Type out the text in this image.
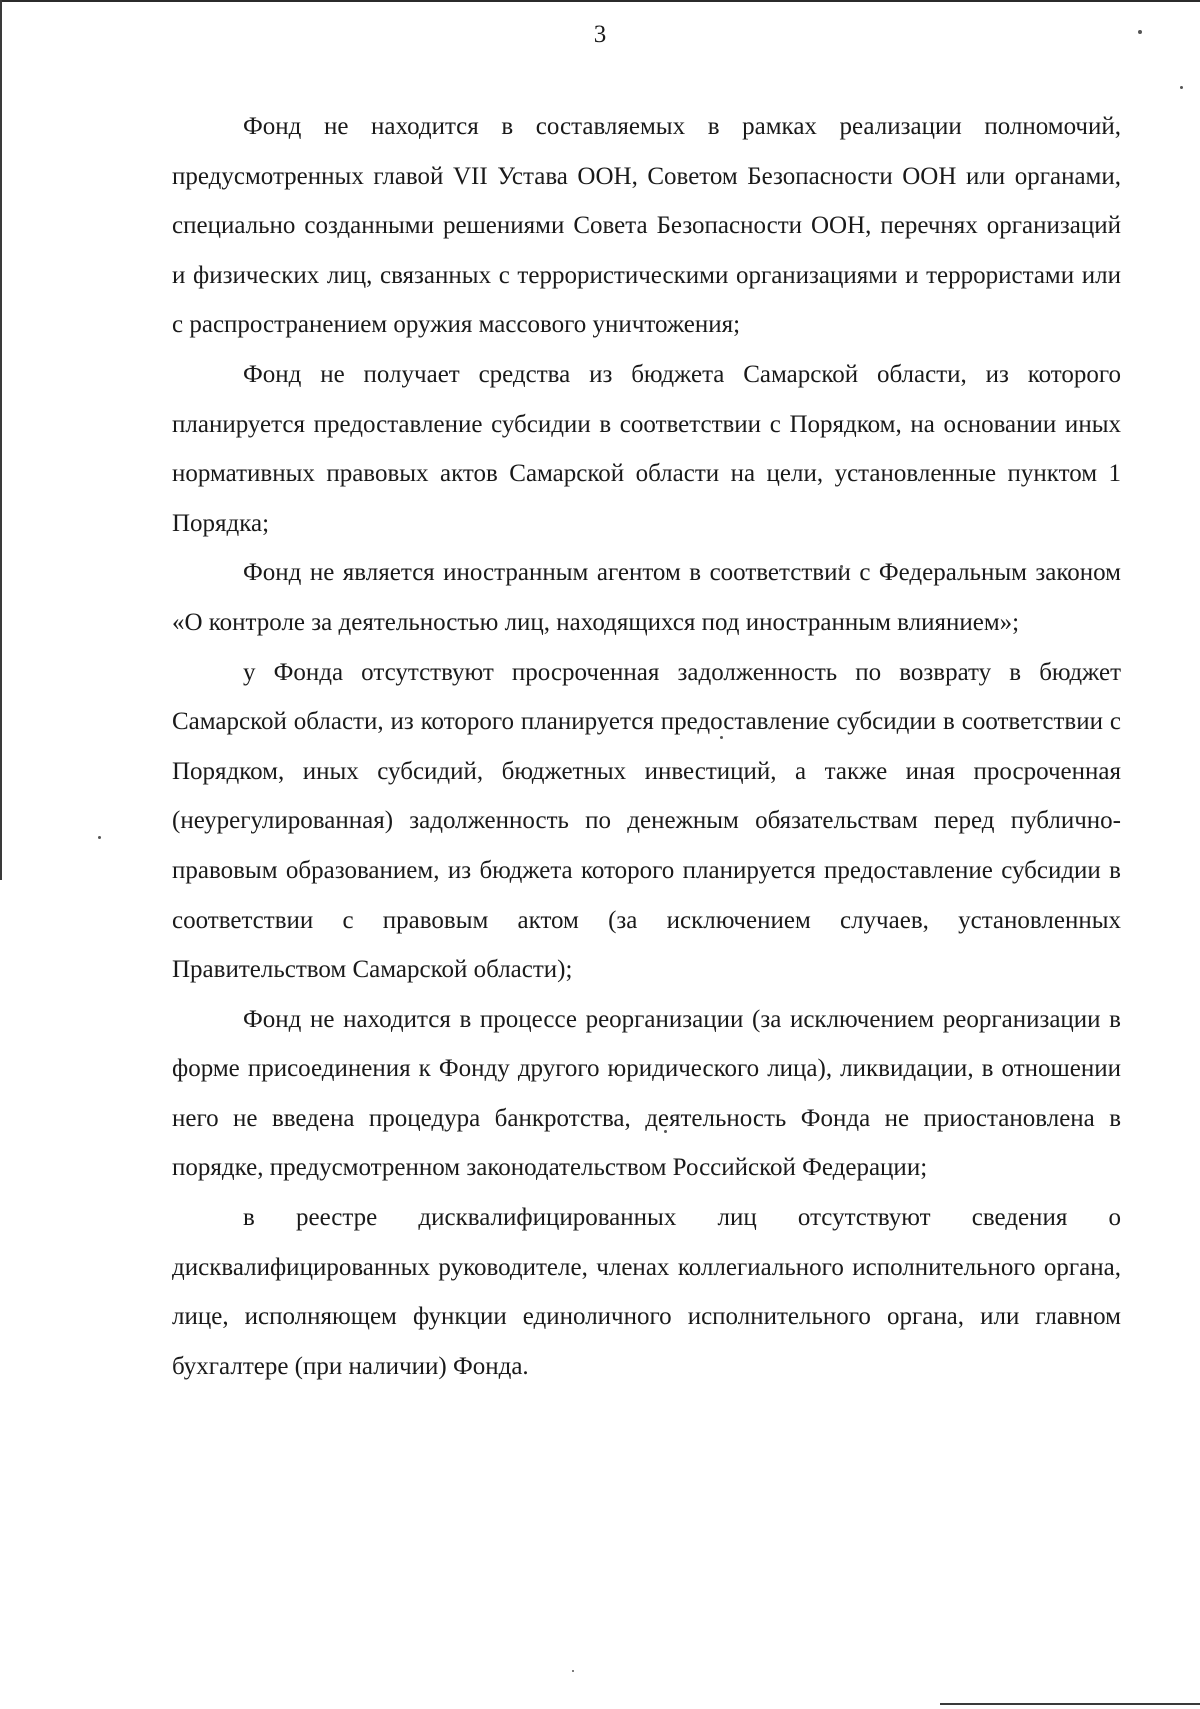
3

Фонд не находится в составляемых в рамках реализации полномочий, предусмотренных главой VII Устава ООН, Советом Безопасности ООН или органами, специально созданными решениями Совета Безопасности ООН, перечнях организаций и физических лиц, связанных с террористическими организациями и террористами или с распространением оружия массового уничтожения;

Фонд не получает средства из бюджета Самарской области, из которого планируется предоставление субсидии в соответствии с Порядком, на основании иных нормативных правовых актов Самарской области на цели, установленные пунктом 1 Порядка;

Фонд не является иностранным агентом в соответствии с Федеральным законом «О контроле за деятельностью лиц, находящихся под иностранным влиянием»;

у Фонда отсутствуют просроченная задолженность по возврату в бюджет Самарской области, из которого планируется предоставление субсидии в соответствии с Порядком, иных субсидий, бюджетных инвестиций, а также иная просроченная (неурегулированная) задолженность по денежным обязательствам перед публично-правовым образованием, из бюджета которого планируется предоставление субсидии в соответствии с правовым актом (за исключением случаев, установленных Правительством Самарской области);

Фонд не находится в процессе реорганизации (за исключением реорганизации в форме присоединения к Фонду другого юридического лица), ликвидации, в отношении него не введена процедура банкротства, деятельность Фонда не приостановлена в порядке, предусмотренном законодательством Российской Федерации;

в реестре дисквалифицированных лиц отсутствуют сведения о дисквалифицированных руководителе, членах коллегиального исполнительного органа, лице, исполняющем функции единоличного исполнительного органа, или главном бухгалтере (при наличии) Фонда.
